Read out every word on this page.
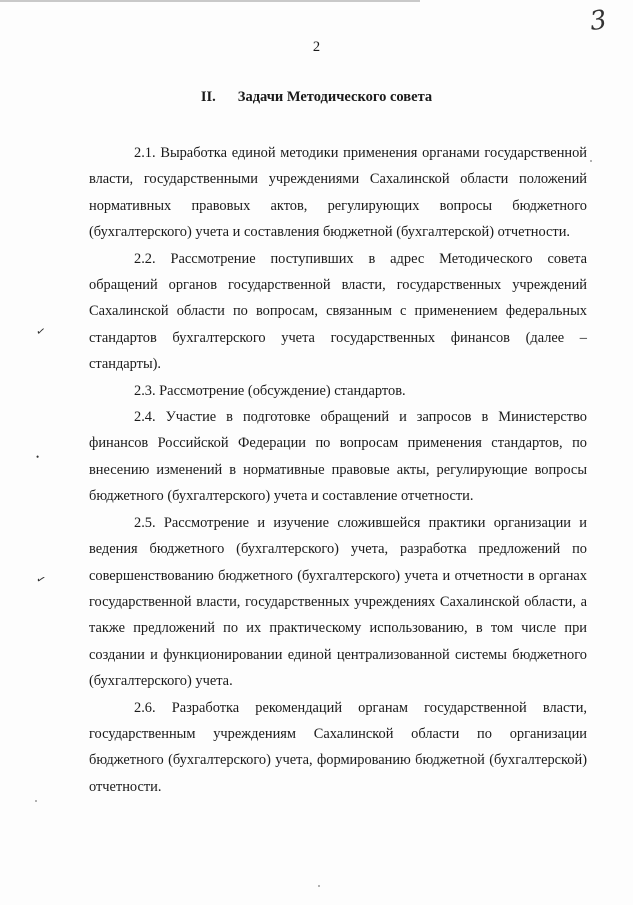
3
2
II. Задачи Методического совета

2.1. Выработка единой методики применения органами государственной власти, государственными учреждениями Сахалинской области положений нормативных правовых актов, регулирующих вопросы бюджетного (бухгалтерского) учета и составления бюджетной (бухгалтерской) отчетности.

2.2. Рассмотрение поступивших в адрес Методического совета обращений органов государственной власти, государственных учреждений Сахалинской области по вопросам, связанным с применением федеральных стандартов бухгалтерского учета государственных финансов (далее – стандарты).

2.3. Рассмотрение (обсуждение) стандартов.

2.4. Участие в подготовке обращений и запросов в Министерство финансов Российской Федерации по вопросам применения стандартов, по внесению изменений в нормативные правовые акты, регулирующие вопросы бюджетного (бухгалтерского) учета и составление отчетности.

2.5. Рассмотрение и изучение сложившейся практики организации и ведения бюджетного (бухгалтерского) учета, разработка предложений по совершенствованию бюджетного (бухгалтерского) учета и отчетности в органах государственной власти, государственных учреждениях Сахалинской области, а также предложений по их практическому использованию, в том числе при создании и функционировании единой централизованной системы бюджетного (бухгалтерского) учета.

2.6. Разработка рекомендаций органам государственной власти, государственным учреждениям Сахалинской области по организации бюджетного (бухгалтерского) учета, формированию бюджетной (бухгалтерской) отчетности.

✓
•
✓
